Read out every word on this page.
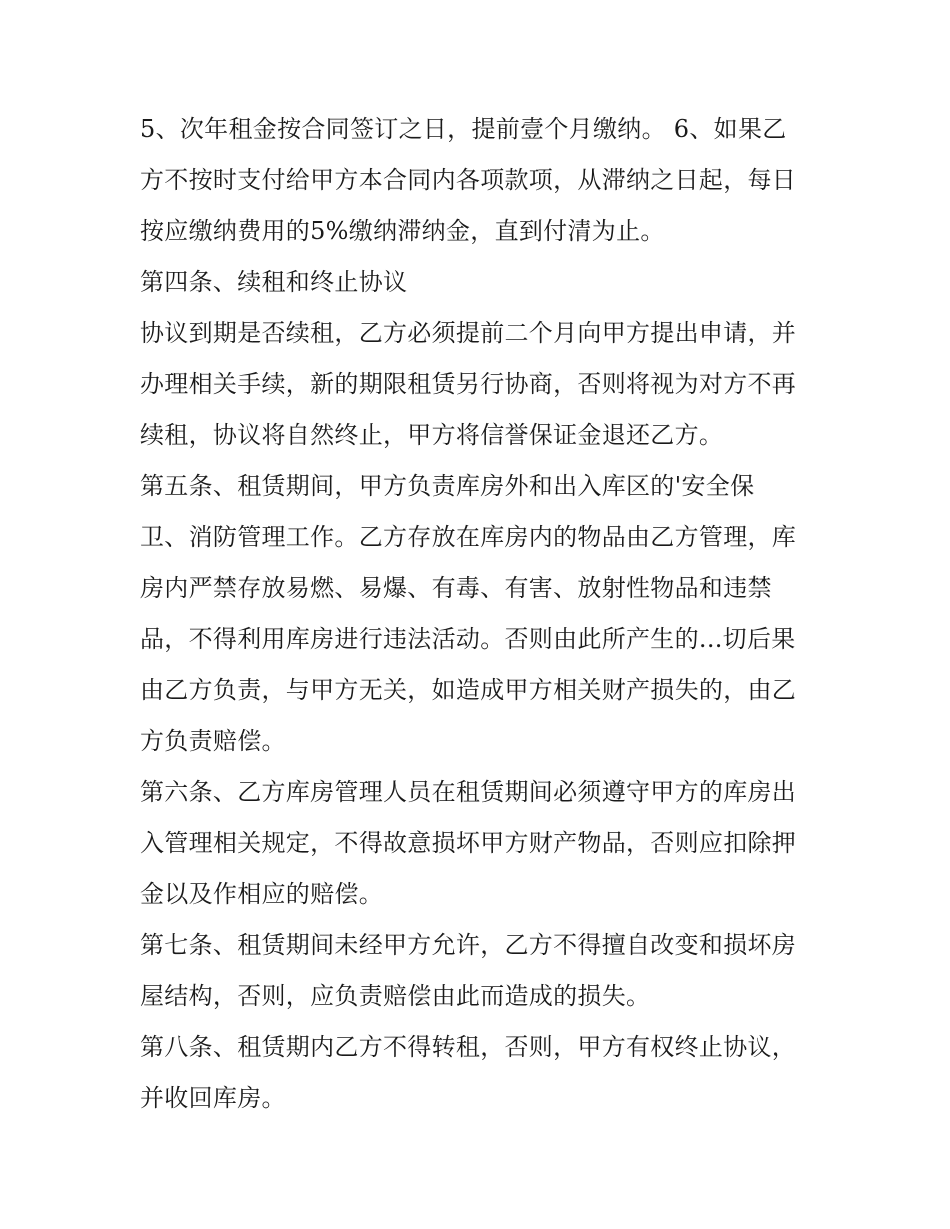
5、次年租金按合同签订之日，提前壹个月缴纳。 6、如果乙
方不按时支付给甲方本合同内各项款项，从滞纳之日起，每日
按应缴纳费用的5%缴纳滞纳金，直到付清为止。
第四条、续租和终止协议
协议到期是否续租，乙方必须提前二个月向甲方提出申请，并
办理相关手续，新的期限租赁另行协商，否则将视为对方不再
续租，协议将自然终止，甲方将信誉保证金退还乙方。
第五条、租赁期间，甲方负责库房外和出入库区的'安全保
卫、消防管理工作。乙方存放在库房内的物品由乙方管理，库
房内严禁存放易燃、易爆、有毒、有害、放射性物品和违禁
品，不得利用库房进行违法活动。否则由此所产生的...切后果
由乙方负责，与甲方无关，如造成甲方相关财产损失的，由乙
方负责赔偿。
第六条、乙方库房管理人员在租赁期间必须遵守甲方的库房出
入管理相关规定，不得故意损坏甲方财产物品，否则应扣除押
金以及作相应的赔偿。
第七条、租赁期间未经甲方允许，乙方不得擅自改变和损坏房
屋结构，否则，应负责赔偿由此而造成的损失。
第八条、租赁期内乙方不得转租，否则，甲方有权终止协议，
并收回库房。
